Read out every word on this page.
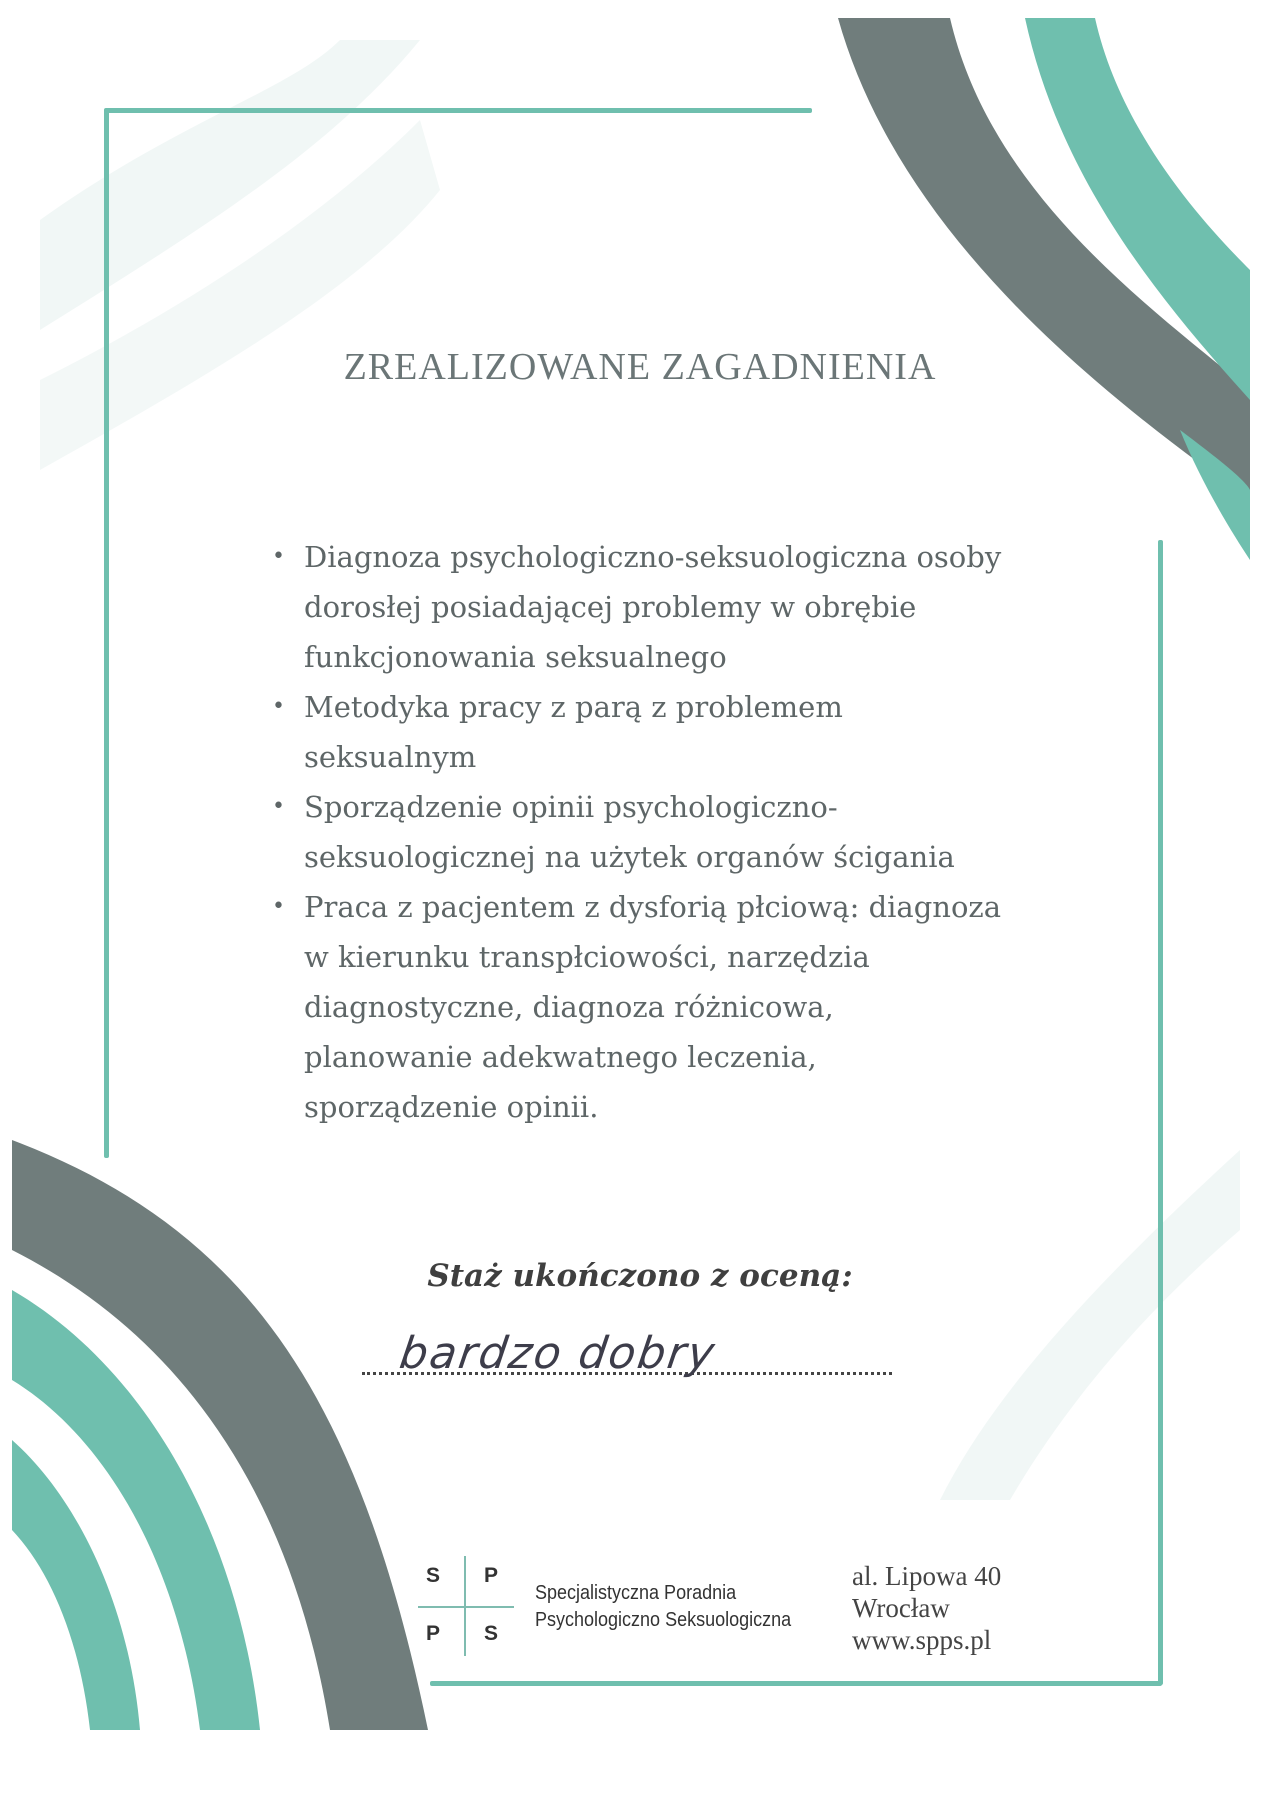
ZREALIZOWANE ZAGADNIENIA
• Diagnoza psychologiczno-seksuologiczna osoby
dorosłej posiadającej problemy w obrębie
funkcjonowania seksualnego
• Metodyka pracy z parą z problemem
seksualnym
• Sporządzenie opinii psychologiczno-
seksuologicznej na użytek organów ścigania
• Praca z pacjentem z dysforią płciową: diagnoza
w kierunku transpłciowości, narzędzia
diagnostyczne, diagnoza różnicowa,
planowanie adekwatnego leczenia,
sporządzenie opinii.
Staż ukończono z oceną:
bardzo dobry
S P
P S
Specjalistyczna Poradnia
Psychologiczno Seksuologiczna
al. Lipowa 40
Wrocław
www.spps.pl
